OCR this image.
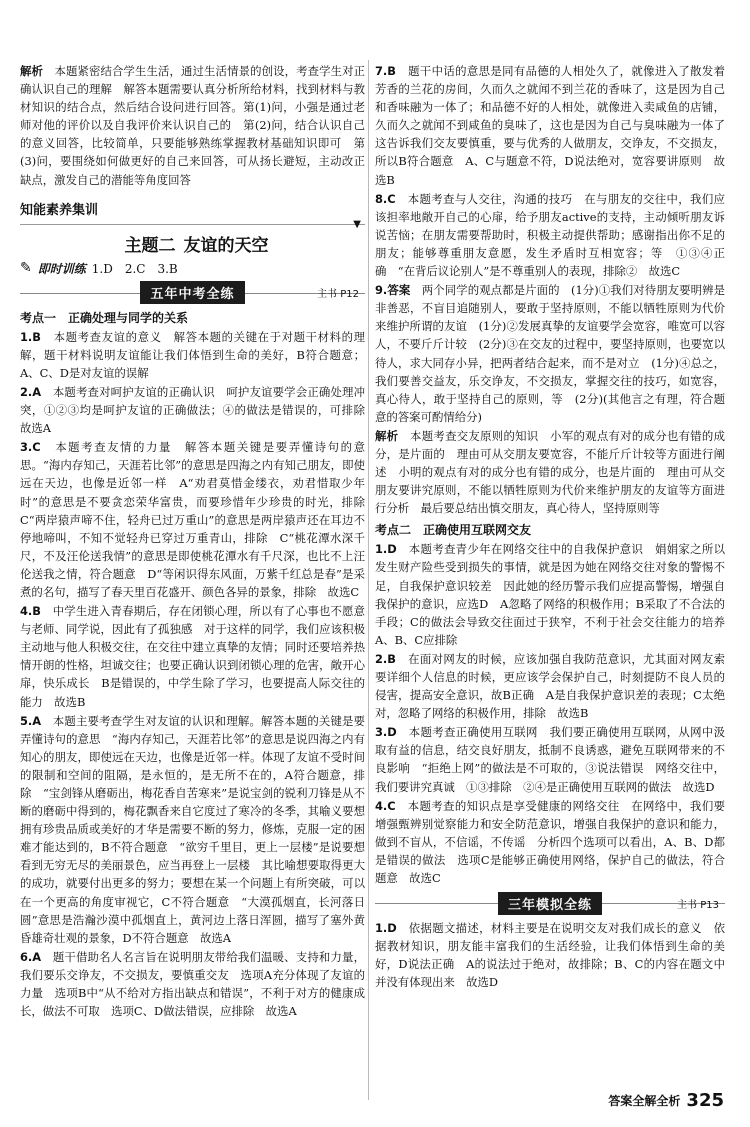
解析　 本题紧密结合学生生活，通过生活情景的创设，考查学生对正确认识自己的理解　解答本题需要认真分析所给材料，找到材料与教材知识的结合点，然后结合设问进行回答。第(1)问，小强是通过老师对他的评价以及自我评价来认识自己的　第(2)问，结合认识自己的意义回答，比较简单，只要能够熟练掌握教材基础知识即可　第(3)问，要围绕如何做更好的自己来回答，可从扬长避短，主动改正缺点，激发自己的潜能等角度回答

知能素养集训
主题二 友谊的天空
▼
✎ 即时训练 1.D　2.C　3.B
五年中考全练	主书 P12
考点一　正确处理与同学的关系

1.B　 本题考查友谊的意义　解答本题的关键在于对题干材料的理解，题干材料说明友谊能让我们体悟到生命的美好，B符合题意；A、C、D是对友谊的误解

2.A　 本题考查对呵护友谊的正确认识　呵护友谊要学会正确处理冲突，①②③均是呵护友谊的正确做法；④的做法是错误的，可排除　故选A

3.C　 本题考查友情的力量　解答本题关键是要弄懂诗句的意思。“海内存知己，天涯若比邻”的意思是四海之内有知己朋友，即使远在天边，也像是近邻一样　A“劝君莫惜金缕衣，劝君惜取少年时”的意思是不要贪恋荣华富贵，而要珍惜年少珍贵的时光，排除　C“两岸猿声啼不住，轻舟已过万重山”的意思是两岸猿声还在耳边不停地啼叫，不知不觉轻舟已穿过万重青山，排除　C“桃花潭水深千尺，不及汪伦送我情”的意思是即使桃花潭水有千尺深，也比不上汪伦送我之情，符合题意　D“等闲识得东风面，万紫千红总是春”是采煮的名句，描写了春天里百花盛开、颜色各异的景象，排除　故选C

4.B　 中学生进入青春期后，存在闭锁心理，所以有了心事也不愿意与老师、同学说，因此有了孤独感　对于这样的同学，我们应该积极主动地与他人积极交往，在交往中建立真挚的友情；同时还要培养热情开朗的性格，坦诚交往；也要正确认识到闭锁心理的危害，敞开心扉，快乐成长　B是错误的，中学生除了学习，也要提高人际交往的能力　故选B

5.A　 本题主要考查学生对友谊的认识和理解。解答本题的关键是要弄懂诗句的意思　“海内存知己，天涯若比邻”的意思是说四海之内有知心的朋友，即使远在天边，也像是近邻一样。体现了友谊不受时间的限制和空间的阻隔，是永恒的，是无所不在的，A符合题意，排除　“宝剑锋从磨砺出，梅花香自苦寒来”是说宝剑的锐利刀锋是从不断的磨砺中得到的，梅花飘香来自它度过了寒冷的冬季，其喻义要想拥有珍贵品质或美好的才华是需要不断的努力，修炼，克服一定的困难才能达到的，B不符合题意　“欲穷千里目，更上一层楼”是说要想看到无穷无尽的美丽景色，应当再登上一层楼　其比喻想要取得更大的成功，就要付出更多的努力；要想在某一个问题上有所突破，可以在一个更高的角度审视它，C不符合题意　“大漠孤烟直，长河落日圆”意思是浩瀚沙漠中孤烟直上，黄河边上落日浑圆，描写了塞外黄昏雄奇壮观的景象，D不符合题意　故选A

6.A　 题干借助名人名言旨在说明朋友带给我们温暖、支持和力量，我们要乐交诤友，不交损友，要慎重交友　选项A充分体现了友谊的力量　选项B中“从不给对方指出缺点和错误”，不利于对方的健康成长，做法不可取　选项C、D做法错误，应排除　故选A

7.B　 题干中话的意思是同有品德的人相处久了，就像进入了散发着芳香的兰花的房间，久而久之就闻不到兰花的香味了，这是因为自己和香味融为一体了；和品德不好的人相处，就像进入卖咸鱼的店铺，久而久之就闻不到咸鱼的臭味了，这也是因为自己与臭味融为一体了　这告诉我们交友要慎重，要与优秀的人做朋友，交诤友，不交损友，所以B符合题意　A、C与题意不符，D说法绝对，宽容要讲原则　故选B

8.C　 本题考查与人交往，沟通的技巧　在与朋友的交往中，我们应该担率地敞开自己的心扉，给予朋友active的支持，主动倾听朋友诉说苦恼；在朋友需要帮助时，积极主动提供帮助；感谢指出你不足的朋友；能够尊重朋友意愿，发生矛盾时互相宽容；等　①③④正确　“在背后议论别人”是不尊重别人的表现，排除②　故选C

9.答案　 两个同学的观点都是片面的　(1分)①我们对待朋友要明辨是非善恶，不盲目追随别人，要敢于坚持原则，不能以牺牲原则为代价来维护所谓的友谊　(1分)②发展真挚的友谊要学会宽容，唯宽可以容人，不要斤斤计较　(2分)③在交友的过程中，要坚持原则，也要宽以待人，求大同存小异，把两者结合起来，而不是对立　(1分)④总之，我们要善交益友，乐交诤友，不交损友，掌握交往的技巧，如宽容，真心待人，敢于坚持自己的原则，等　(2分)(其他言之有理，符合题意的答案可酌情给分)

解析　 本题考查交友原则的知识　小军的观点有对的成分也有错的成分，是片面的　理由可从交朋友要宽容，不能斤斤计较等方面进行阐述　小明的观点有对的成分也有错的成分，也是片面的　理由可从交朋友要讲究原则，不能以牺牲原则为代价来维护朋友的友谊等方面进行分析　最后要总结出慎交朋友，真心待人，坚持原则等

考点二　正确使用互联网交友

1.D　 本题考查青少年在网络交往中的自我保护意识　娟娟家之所以发生财产险些受到损失的事情，就是因为她在网络交往对象的警惕不足，自我保护意识较差　因此她的经历警示我们应提高警惕，增强自我保护的意识，应选D　A忽略了网络的积极作用；B采取了不合法的手段；C的做法会导致交往面过于狭窄，不利于社会交往能力的培养　A、B、C应排除

2.B　 在面对网友的时候，应该加强自我防范意识，尤其面对网友索要详细个人信息的时候，更应该学会保护自己，时刻提防不良人员的侵害，提高安全意识，故B正确　A是自我保护意识差的表现；C太绝对，忽略了网络的积极作用，排除　故选B

3.D　 本题考查正确使用互联网　我们要正确使用互联网，从网中汲取有益的信息，结交良好朋友，抵制不良诱惑，避免互联网带来的不良影响　“拒绝上网”的做法是不可取的，③说法错误　网络交往中，我们要讲究真诚　①③排除　②④是正确使用互联网的做法　故选D

4.C　 本题考查的知识点是享受健康的网络交往　在网络中，我们要增强甄辨别觉察能力和安全防范意识，增强自我保护的意识和能力，做到不盲从，不信谣，不传谣　分析四个选项可以看出，A、B、D都是错误的做法　选项C是能够正确使用网络，保护自己的做法，符合题意　故选C

三年模拟全练	主书 P13

1.D　 依据题文描述，材料主要是在说明交友对我们成长的意义　依据教材知识，朋友能丰富我们的生活经验，让我们体悟到生命的美好，D说法正确　A的说法过于绝对，故排除；B、C的内容在题文中并没有体现出来　故选D

答案全解全析 325
